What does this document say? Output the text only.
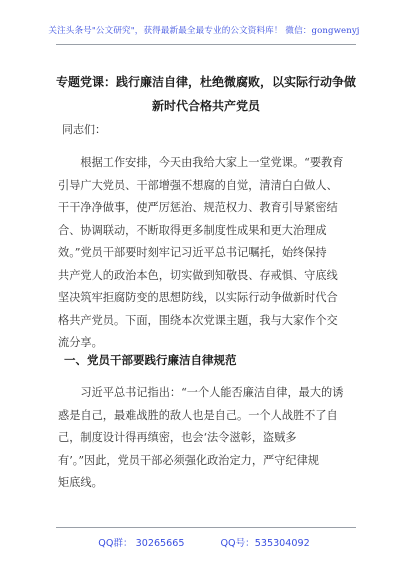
关注头条号"公文研究"，获得最新最全最专业的公文资料库！ 微信：gongwenyj
专题党课：践行廉洁自律，杜绝微腐败，以实际行动争做
新时代合格共产党员
同志们：

　　根据工作安排，今天由我给大家上一堂党课。“要教育
引导广大党员、干部增强不想腐的自觉，清清白白做人、
干干净净做事，使严厉惩治、规范权力、教育引导紧密结
合、协调联动，不断取得更多制度性成果和更大治理成
效。”党员干部要时刻牢记习近平总书记嘱托，始终保持
共产党人的政治本色，切实做到知敬畏、存戒惧、守底线
坚决筑牢拒腐防变的思想防线，以实际行动争做新时代合
格共产党员。下面，围绕本次党课主题，我与大家作个交
流分享。

一、党员干部要践行廉洁自律规范

　　习近平总书记指出：“一个人能否廉洁自律，最大的诱
惑是自己，最难战胜的敌人也是自己。一个人战胜不了自
己，制度设计得再缜密，也会‘法令滋彰，盗贼多
有’。”因此，党员干部必须强化政治定力，严守纪律规
矩底线。

QQ群： 30265665	QQ号：535304092
